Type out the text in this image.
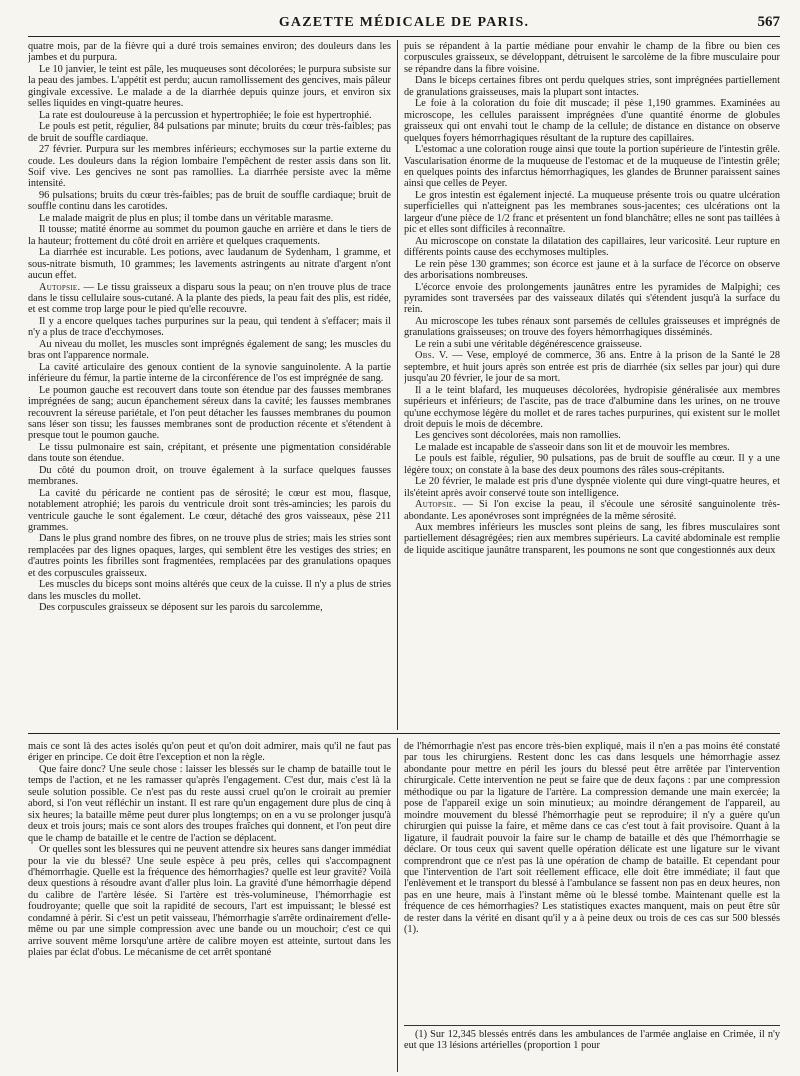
GAZETTE MÉDICALE DE PARIS.	567

quatre mois, par de la fièvre qui a duré trois semaines environ; des douleurs dans les jambes et du purpura.

Le 10 janvier, le teint est pâle, les muqueuses sont décolorées; le purpura subsiste sur la peau des jambes. L'appétit est perdu; aucun ramollissement des gencives, mais pâleur gingivale excessive. Le malade a de la diarrhée depuis quinze jours, et environ six selles liquides en vingt-quatre heures.

La rate est douloureuse à la percussion et hypertrophiée; le foie est hypertrophié.

Le pouls est petit, régulier, 84 pulsations par minute; bruits du cœur très-faibles; pas de bruit de souffle cardiaque.

27 février. Purpura sur les membres inférieurs; ecchymoses sur la partie externe du coude. Les douleurs dans la région lombaire l'empêchent de rester assis dans son lit. Soif vive. Les gencives ne sont pas ramollies. La diarrhée persiste avec la même intensité.

96 pulsations; bruits du cœur très-faibles; pas de bruit de souffle cardiaque; bruit de souffle continu dans les carotides.

Le malade maigrit de plus en plus; il tombe dans un véritable marasme.

Il tousse; matité énorme au sommet du poumon gauche en arrière et dans le tiers de la hauteur; frottement du côté droit en arrière et quelques craquements.

La diarrhée est incurable. Les potions, avec laudanum de Sydenham, 1 gramme, et sous-nitrate bismuth, 10 grammes; les lavements astringents au nitrate d'argent n'ont aucun effet.

Autopsie. — Le tissu graisseux a disparu sous la peau; on n'en trouve plus de trace dans le tissu cellulaire sous-cutané. A la plante des pieds, la peau fait des plis, est ridée, et est comme trop large pour le pied qu'elle recouvre.

Il y a encore quelques taches purpurines sur la peau, qui tendent à s'effacer; mais il n'y a plus de trace d'ecchymoses.

Au niveau du mollet, les muscles sont imprégnés également de sang; les muscles du bras ont l'apparence normale.

La cavité articulaire des genoux contient de la synovie sanguinolente. A la partie inférieure du fémur, la partie interne de la circonférence de l'os est imprégnée de sang.

Le poumon gauche est recouvert dans toute son étendue par des fausses membranes imprégnées de sang; aucun épanchement séreux dans la cavité; les fausses membranes recouvrent la séreuse pariétale, et l'on peut détacher les fausses membranes du poumon sans léser son tissu; les fausses membranes sont de production récente et s'étendent à presque tout le poumon gauche.

Le tissu pulmonaire est sain, crépitant, et présente une pigmentation considérable dans toute son étendue.

Du côté du poumon droit, on trouve également à la surface quelques fausses membranes.

La cavité du péricarde ne contient pas de sérosité; le cœur est mou, flasque, notablement atrophié; les parois du ventricule droit sont très-amincies; les parois du ventricule gauche le sont également. Le cœur, détaché des gros vaisseaux, pèse 211 grammes.

Dans le plus grand nombre des fibres, on ne trouve plus de stries; mais les stries sont remplacées par des lignes opaques, larges, qui semblent être les vestiges des stries; en d'autres points les fibrilles sont fragmentées, remplacées par des granulations opaques et des corpuscules graisseux.

Les muscles du biceps sont moins altérés que ceux de la cuisse. Il n'y a plus de stries dans les muscles du mollet.

Des corpuscules graisseux se déposent sur les parois du sarcolemme,

puis se répandent à la partie médiane pour envahir le champ de la fibre ou bien ces corpuscules graisseux, se développant, détruisent le sarcolème de la fibre musculaire pour se répandre dans la fibre voisine.

Dans le biceps certaines fibres ont perdu quelques stries, sont imprégnées partiellement de granulations graisseuses, mais la plupart sont intactes.

Le foie à la coloration du foie dit muscade; il pèse 1,190 grammes. Examinées au microscope, les cellules paraissent imprégnées d'une quantité énorme de globules graisseux qui ont envahi tout le champ de la cellule; de distance en distance on observe quelques foyers hémorrhagiques résultant de la rupture des capillaires.

L'estomac a une coloration rouge ainsi que toute la portion supérieure de l'intestin grêle. Vascularisation énorme de la muqueuse de l'estomac et de la muqueuse de l'intestin grêle; en quelques points des infarctus hémorrhagiques, les glandes de Brunner paraissent saines ainsi que celles de Peyer.

Le gros intestin est également injecté. La muqueuse présente trois ou quatre ulcération superficielles qui n'atteignent pas les membranes sous-jacentes; ces ulcérations ont la largeur d'une pièce de 1/2 franc et présentent un fond blanchâtre; elles ne sont pas taillées à pic et elles sont difficiles à reconnaître.

Au microscope on constate la dilatation des capillaires, leur varicosité. Leur rupture en différents points cause des ecchymoses multiples.

Le rein pèse 130 grammes; son écorce est jaune et à la surface de l'écorce on observe des arborisations nombreuses.

L'écorce envoie des prolongements jaunâtres entre les pyramides de Malpighi; ces pyramides sont traversées par des vaisseaux dilatés qui s'étendent jusqu'à la surface du rein.

Au microscope les tubes rénaux sont parsemés de cellules graisseuses et imprégnés de granulations graisseuses; on trouve des foyers hémorrhagiques disséminés.

Le rein a subi une véritable dégénérescence graisseuse.

Obs. V. — Vese, employé de commerce, 36 ans. Entre à la prison de la Santé le 28 septembre, et huit jours après son entrée est pris de diarrhée (six selles par jour) qui dure jusqu'au 20 février, le jour de sa mort.

Il a le teint blafard, les muqueuses décolorées, hydropisie généralisée aux membres supérieurs et inférieurs; de l'ascite, pas de trace d'albumine dans les urines, on ne trouve qu'une ecchymose légère du mollet et de rares taches purpurines, qui existent sur le mollet droit depuis le mois de décembre.

Les gencives sont décolorées, mais non ramollies.

Le malade est incapable de s'asseoir dans son lit et de mouvoir les membres.

Le pouls est faible, régulier, 90 pulsations, pas de bruit de souffle au cœur. Il y a une légère toux; on constate à la base des deux poumons des râles sous-crépitants.

Le 20 février, le malade est pris d'une dyspnée violente qui dure vingt-quatre heures, et ils'éteint après avoir conservé toute son intelligence.

Autopsie. — Si l'on excise la peau, il s'écoule une sérosité sanguinolente très-abondante. Les aponévroses sont imprégnées de la même sérosité.

Aux membres inférieurs les muscles sont pleins de sang, les fibres musculaires sont partiellement désagrégées; rien aux membres supérieurs. La cavité abdominale est remplie de liquide ascitique jaunâtre transparent, les poumons ne sont que congestionnés aux deux

mais ce sont là des actes isolés qu'on peut et qu'on doit admirer, mais qu'il ne faut pas ériger en principe. Ce doit être l'exception et non la règle.

Que faire donc? Une seule chose : laisser les blessés sur le champ de bataille tout le temps de l'action, et ne les ramasser qu'après l'engagement. C'est dur, mais c'est là la seule solution possible. Ce n'est pas du reste aussi cruel qu'on le croirait au premier abord, si l'on veut réfléchir un instant. Il est rare qu'un engagement dure plus de cinq à six heures; la bataille même peut durer plus longtemps; on en a vu se prolonger jusqu'à deux et trois jours; mais ce sont alors des troupes fraîches qui donnent, et l'on peut dire que le champ de bataille et le centre de l'action se déplacent.

Or quelles sont les blessures qui ne peuvent attendre six heures sans danger immédiat pour la vie du blessé? Une seule espèce à peu près, celles qui s'accompagnent d'hémorrhagie. Quelle est la fréquence des hémorrhagies? quelle est leur gravité? Voilà deux questions à résoudre avant d'aller plus loin. La gravité d'une hémorrhagie dépend du calibre de l'artère lésée. Si l'artère est très-volumineuse, l'hémorrhagie est foudroyante; quelle que soit la rapidité de secours, l'art est impuissant; le blessé est condamné à périr. Si c'est un petit vaisseau, l'hémorrhagie s'arrête ordinairement d'elle-même ou par une simple compression avec une bande ou un mouchoir; c'est ce qui arrive souvent même lorsqu'une artère de calibre moyen est atteinte, surtout dans les plaies par éclat d'obus. Le mécanisme de cet arrêt spontané

de l'hémorrhagie n'est pas encore très-bien expliqué, mais il n'en a pas moins été constaté par tous les chirurgiens. Restent donc les cas dans lesquels une hémorrhagie assez abondante pour mettre en péril les jours du blessé peut être arrêtée par l'intervention chirurgicale. Cette intervention ne peut se faire que de deux façons : par une compression méthodique ou par la ligature de l'artère. La compression demande une main exercée; la pose de l'appareil exige un soin minutieux; au moindre dérangement de l'appareil, au moindre mouvement du blessé l'hémorrhagie peut se reproduire; il n'y a guère qu'un chirurgien qui puisse la faire, et même dans ce cas c'est tout à fait provisoire. Quant à la ligature, il faudrait pouvoir la faire sur le champ de bataille et dès que l'hémorrhagie se déclare. Or tous ceux qui savent quelle opération délicate est une ligature sur le vivant comprendront que ce n'est pas là une opération de champ de bataille. Et cependant pour que l'intervention de l'art soit réellement efficace, elle doit être immédiate; il faut que l'enlèvement et le transport du blessé à l'ambulance se fassent non pas en deux heures, non pas en une heure, mais à l'instant même où le blessé tombe. Maintenant quelle est la fréquence de ces hémorrhagies? Les statistiques exactes manquent, mais on peut être sûr de rester dans la vérité en disant qu'il y a à peine deux ou trois de ces cas sur 500 blessés (1).

(1) Sur 12,345 blessés entrés dans les ambulances de l'armée anglaise en Crimée, il n'y eut que 13 lésions artérielles (proportion 1 pour
